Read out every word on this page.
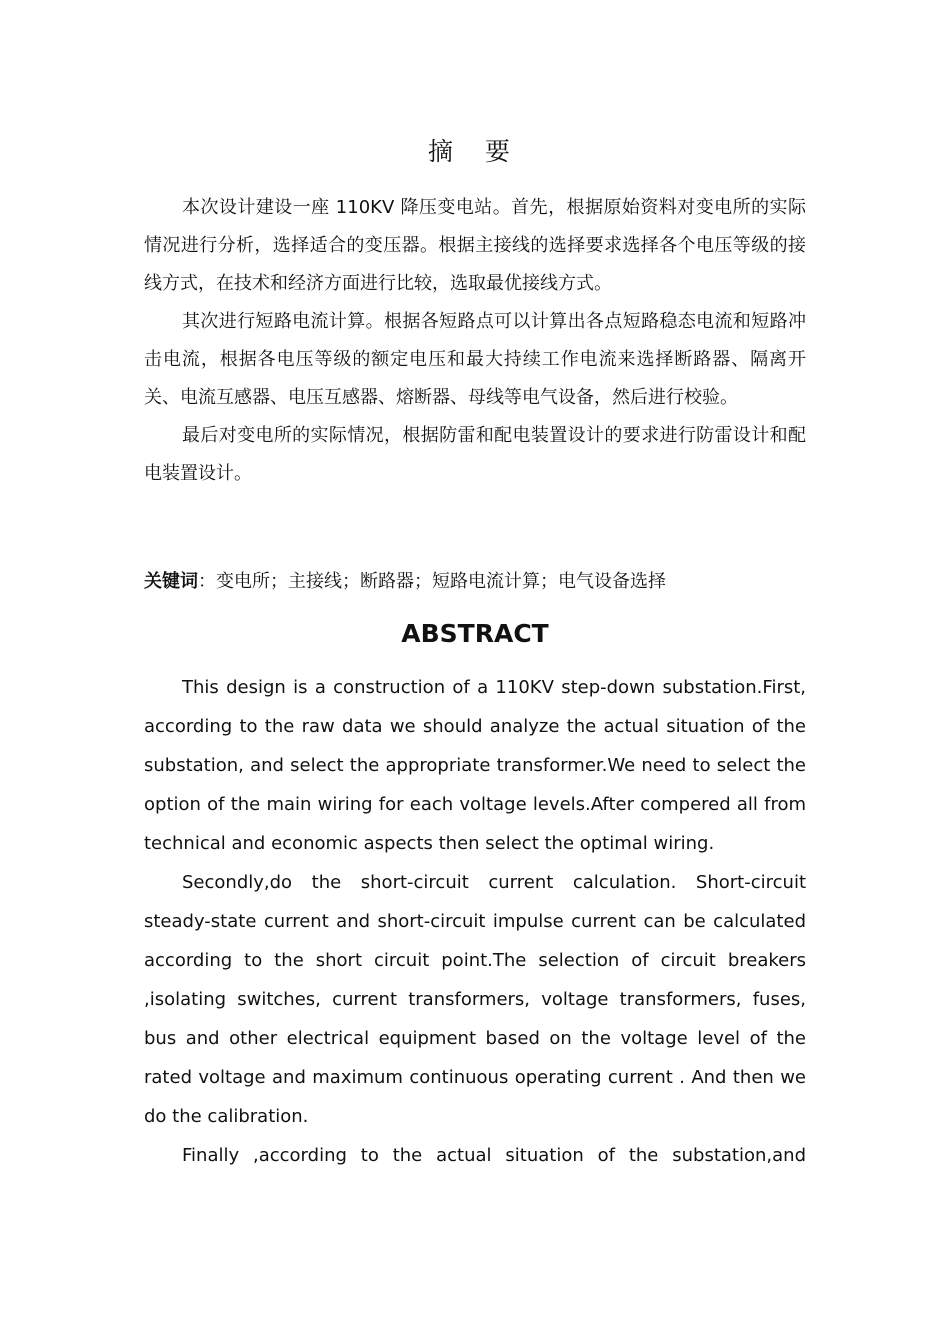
摘 要

本次设计建设一座 110KV 降压变电站。首先，根据原始资料对变电所的实际情况进行分析，选择适合的变压器。根据主接线的选择要求选择各个电压等级的接线方式，在技术和经济方面进行比较，选取最优接线方式。

其次进行短路电流计算。根据各短路点可以计算出各点短路稳态电流和短路冲击电流，根据各电压等级的额定电压和最大持续工作电流来选择断路器、隔离开关、电流互感器、电压互感器、熔断器、母线等电气设备，然后进行校验。

最后对变电所的实际情况，根据防雷和配电装置设计的要求进行防雷设计和配电装置设计。

关键词：变电所；主接线；断路器；短路电流计算；电气设备选择
ABSTRACT

This design is a construction of a 110KV step-down substation.First, according to the raw data we should analyze the actual situation of the substation, and select the appropriate transformer.We need to select the option of the main wiring for each voltage levels.After compered all from technical and economic aspects then select the optimal wiring.

Secondly,do the short-circuit current calculation. Short-circuit steady-state current and short-circuit impulse current can be calculated according to the short circuit point.The selection of circuit breakers ,isolating switches, current transformers, voltage transformers, fuses, bus and other electrical equipment based on the voltage level of the rated voltage and maximum continuous operating current . And then we do the calibration.

Finally ,according to the actual situation of the substation,and
